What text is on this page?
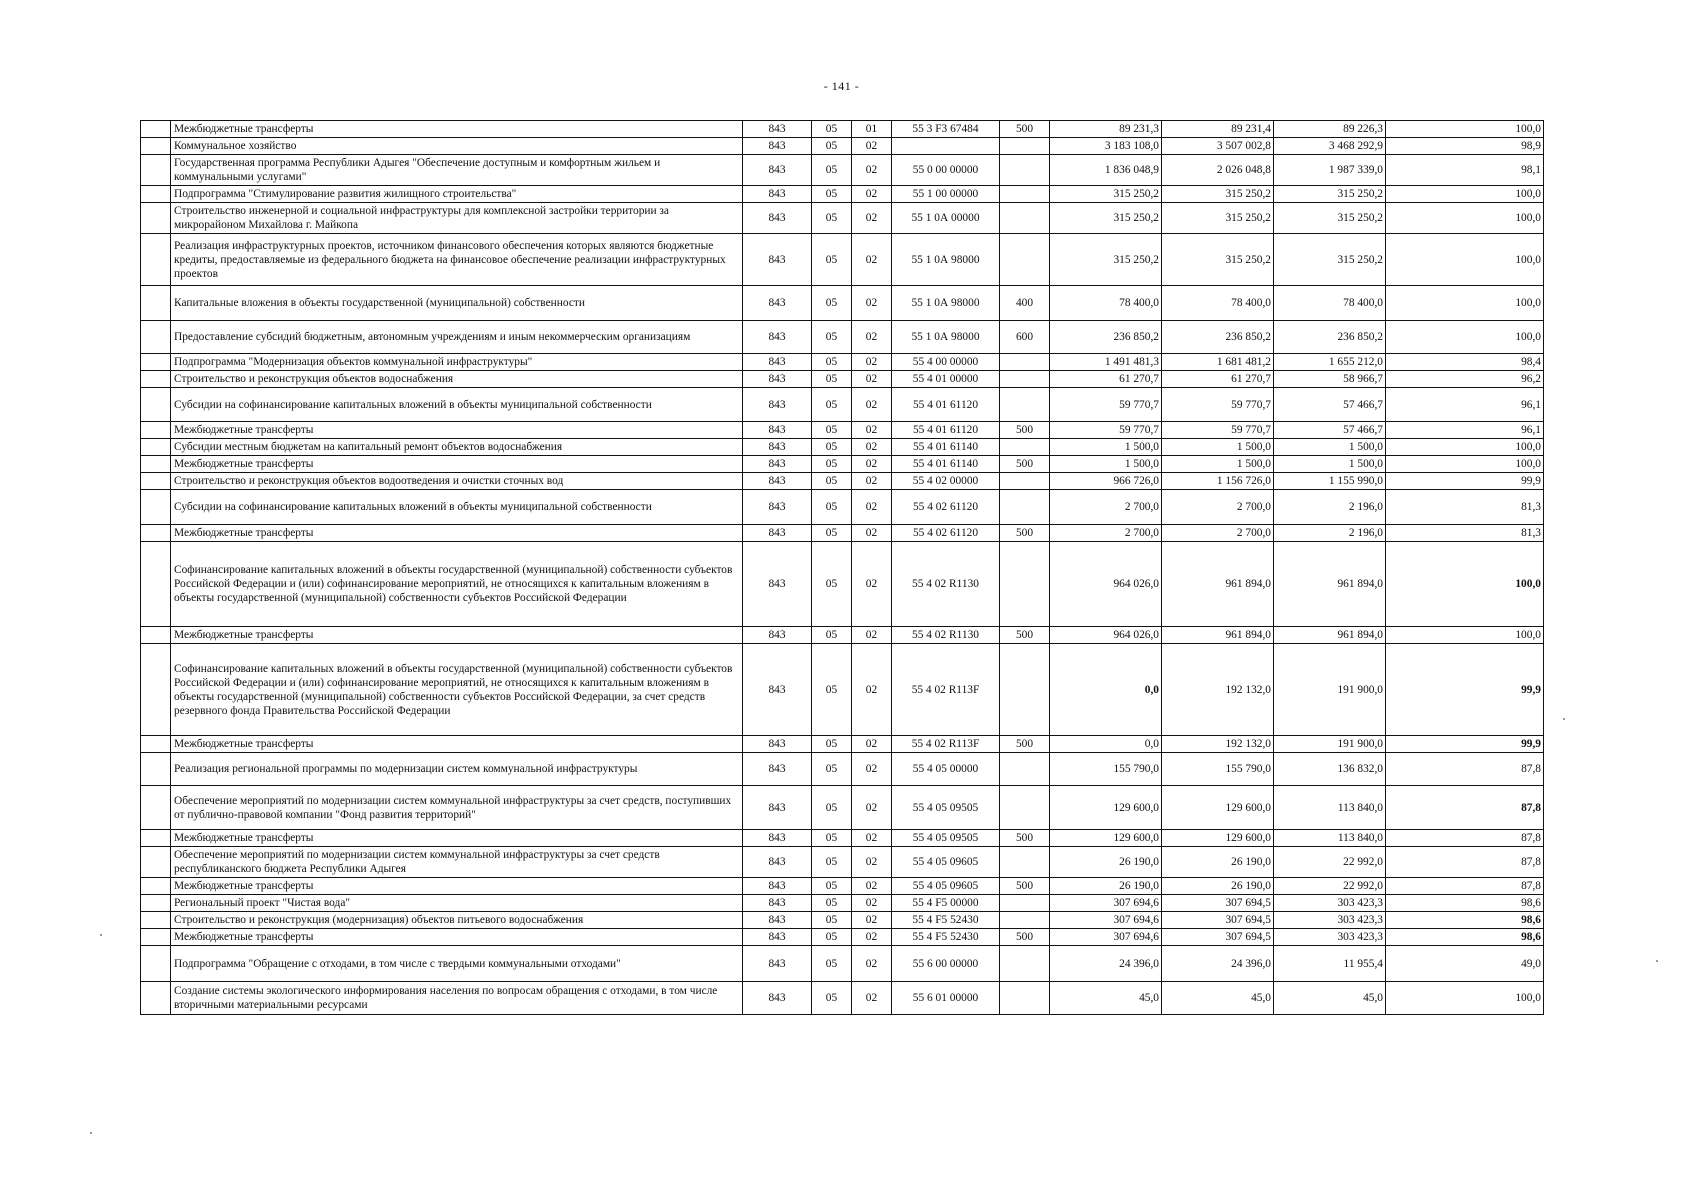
- 141 -
	Межбюджетные трансферты	843	05	01	55 3 F3 67484	500	89 231,3	89 231,4	89 226,3	100,0
	Коммунальное хозяйство	843	05	02			3 183 108,0	3 507 002,8	3 468 292,9	98,9
	Государственная программа Республики Адыгея "Обеспечение доступным и комфортным жильем и коммунальными услугами"	843	05	02	55 0 00 00000		1 836 048,9	2 026 048,8	1 987 339,0	98,1
	Подпрограмма "Стимулирование развития жилищного строительства"	843	05	02	55 1 00 00000		315 250,2	315 250,2	315 250,2	100,0
	Строительство инженерной и социальной инфраструктуры для комплексной застройки территории за микрорайоном Михайлова г. Майкопа	843	05	02	55 1 0А 00000		315 250,2	315 250,2	315 250,2	100,0
	Реализация инфраструктурных проектов, источником финансового обеспечения которых являются бюджетные кредиты, предоставляемые из федерального бюджета на финансовое обеспечение реализации инфраструктурных проектов	843	05	02	55 1 0А 98000		315 250,2	315 250,2	315 250,2	100,0
	Капитальные вложения в объекты государственной (муниципальной) собственности	843	05	02	55 1 0А 98000	400	78 400,0	78 400,0	78 400,0	100,0
	Предоставление субсидий бюджетным, автономным учреждениям и иным некоммерческим организациям	843	05	02	55 1 0А 98000	600	236 850,2	236 850,2	236 850,2	100,0
	Подпрограмма "Модернизация объектов коммунальной инфраструктуры"	843	05	02	55 4 00 00000		1 491 481,3	1 681 481,2	1 655 212,0	98,4
	Строительство и реконструкция объектов водоснабжения	843	05	02	55 4 01 00000		61 270,7	61 270,7	58 966,7	96,2
	Субсидии на софинансирование капитальных вложений в объекты муниципальной собственности	843	05	02	55 4 01 61120		59 770,7	59 770,7	57 466,7	96,1
	Межбюджетные трансферты	843	05	02	55 4 01 61120	500	59 770,7	59 770,7	57 466,7	96,1
	Субсидии местным бюджетам на капитальный ремонт объектов водоснабжения	843	05	02	55 4 01 61140		1 500,0	1 500,0	1 500,0	100,0
	Межбюджетные трансферты	843	05	02	55 4 01 61140	500	1 500,0	1 500,0	1 500,0	100,0
	Строительство и реконструкция объектов водоотведения и очистки сточных вод	843	05	02	55 4 02 00000		966 726,0	1 156 726,0	1 155 990,0	99,9
	Субсидии на софинансирование капитальных вложений в объекты муниципальной собственности	843	05	02	55 4 02 61120		2 700,0	2 700,0	2 196,0	81,3
	Межбюджетные трансферты	843	05	02	55 4 02 61120	500	2 700,0	2 700,0	2 196,0	81,3
	Софинансирование капитальных вложений в объекты государственной (муниципальной) собственности субъектов Российской Федерации и (или) софинансирование мероприятий, не относящихся к капитальным вложениям в объекты государственной (муниципальной) собственности субъектов Российской Федерации	843	05	02	55 4 02 R1130		964 026,0	961 894,0	961 894,0	100,0
	Межбюджетные трансферты	843	05	02	55 4 02 R1130	500	964 026,0	961 894,0	961 894,0	100,0
	Софинансирование капитальных вложений в объекты государственной (муниципальной) собственности субъектов Российской Федерации и (или) софинансирование мероприятий, не относящихся к капитальным вложениям в объекты государственной (муниципальной) собственности субъектов Российской Федерации, за счет средств резервного фонда Правительства Российской Федерации	843	05	02	55 4 02 R113F		0,0	192 132,0	191 900,0	99,9
	Межбюджетные трансферты	843	05	02	55 4 02 R113F	500	0,0	192 132,0	191 900,0	99,9
	Реализация региональной программы по модернизации систем коммунальной инфраструктуры	843	05	02	55 4 05 00000		155 790,0	155 790,0	136 832,0	87,8
	Обеспечение мероприятий по модернизации систем коммунальной инфраструктуры за счет средств, поступивших от публично-правовой компании "Фонд развития территорий"	843	05	02	55 4 05 09505		129 600,0	129 600,0	113 840,0	87,8
	Межбюджетные трансферты	843	05	02	55 4 05 09505	500	129 600,0	129 600,0	113 840,0	87,8
	Обеспечение мероприятий по модернизации систем коммунальной инфраструктуры за счет средств республиканского бюджета Республики Адыгея	843	05	02	55 4 05 09605		26 190,0	26 190,0	22 992,0	87,8
	Межбюджетные трансферты	843	05	02	55 4 05 09605	500	26 190,0	26 190,0	22 992,0	87,8
	Региональный проект "Чистая вода"	843	05	02	55 4 F5 00000		307 694,6	307 694,5	303 423,3	98,6
	Строительство и реконструкция (модернизация) объектов питьевого водоснабжения	843	05	02	55 4 F5 52430		307 694,6	307 694,5	303 423,3	98,6
	Межбюджетные трансферты	843	05	02	55 4 F5 52430	500	307 694,6	307 694,5	303 423,3	98,6
	Подпрограмма "Обращение с отходами, в том числе с твердыми коммунальными отходами"	843	05	02	55 6 00 00000		24 396,0	24 396,0	11 955,4	49,0
	Создание системы экологического информирования населения по вопросам обращения с отходами, в том числе вторичными материальными ресурсами	843	05	02	55 6 01 00000		45,0	45,0	45,0	100,0
